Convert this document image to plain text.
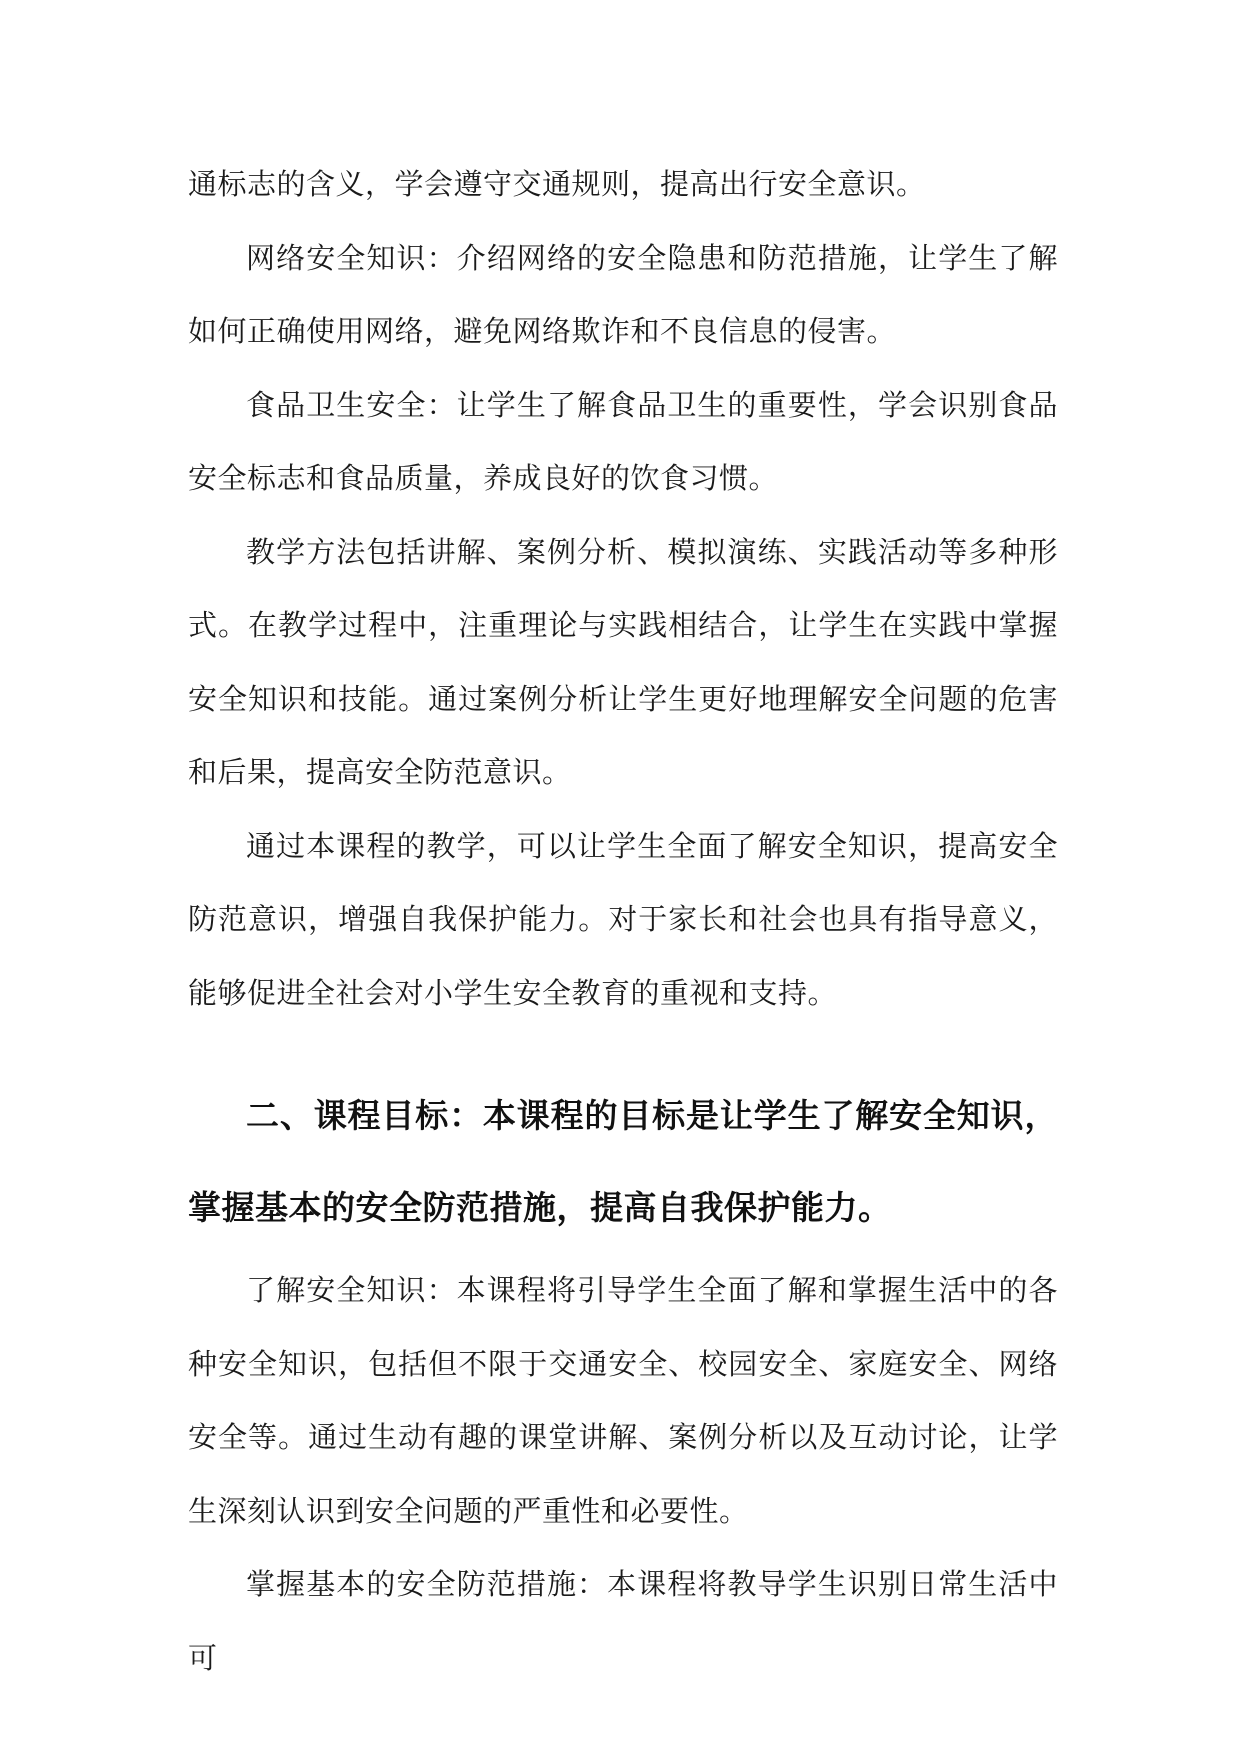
通标志的含义，学会遵守交通规则，提高出行安全意识。

网络安全知识：介绍网络的安全隐患和防范措施，让学生了解如何正确使用网络，避免网络欺诈和不良信息的侵害。

食品卫生安全：让学生了解食品卫生的重要性，学会识别食品安全标志和食品质量，养成良好的饮食习惯。

教学方法包括讲解、案例分析、模拟演练、实践活动等多种形式。在教学过程中，注重理论与实践相结合，让学生在实践中掌握安全知识和技能。通过案例分析让学生更好地理解安全问题的危害和后果，提高安全防范意识。

通过本课程的教学，可以让学生全面了解安全知识，提高安全防范意识，增强自我保护能力。对于家长和社会也具有指导意义，能够促进全社会对小学生安全教育的重视和支持。

二、课程目标：本课程的目标是让学生了解安全知识，掌握基本的安全防范措施，提高自我保护能力。

了解安全知识：本课程将引导学生全面了解和掌握生活中的各种安全知识，包括但不限于交通安全、校园安全、家庭安全、网络安全等。通过生动有趣的课堂讲解、案例分析以及互动讨论，让学生深刻认识到安全问题的严重性和必要性。

掌握基本的安全防范措施：本课程将教导学生识别日常生活中可
